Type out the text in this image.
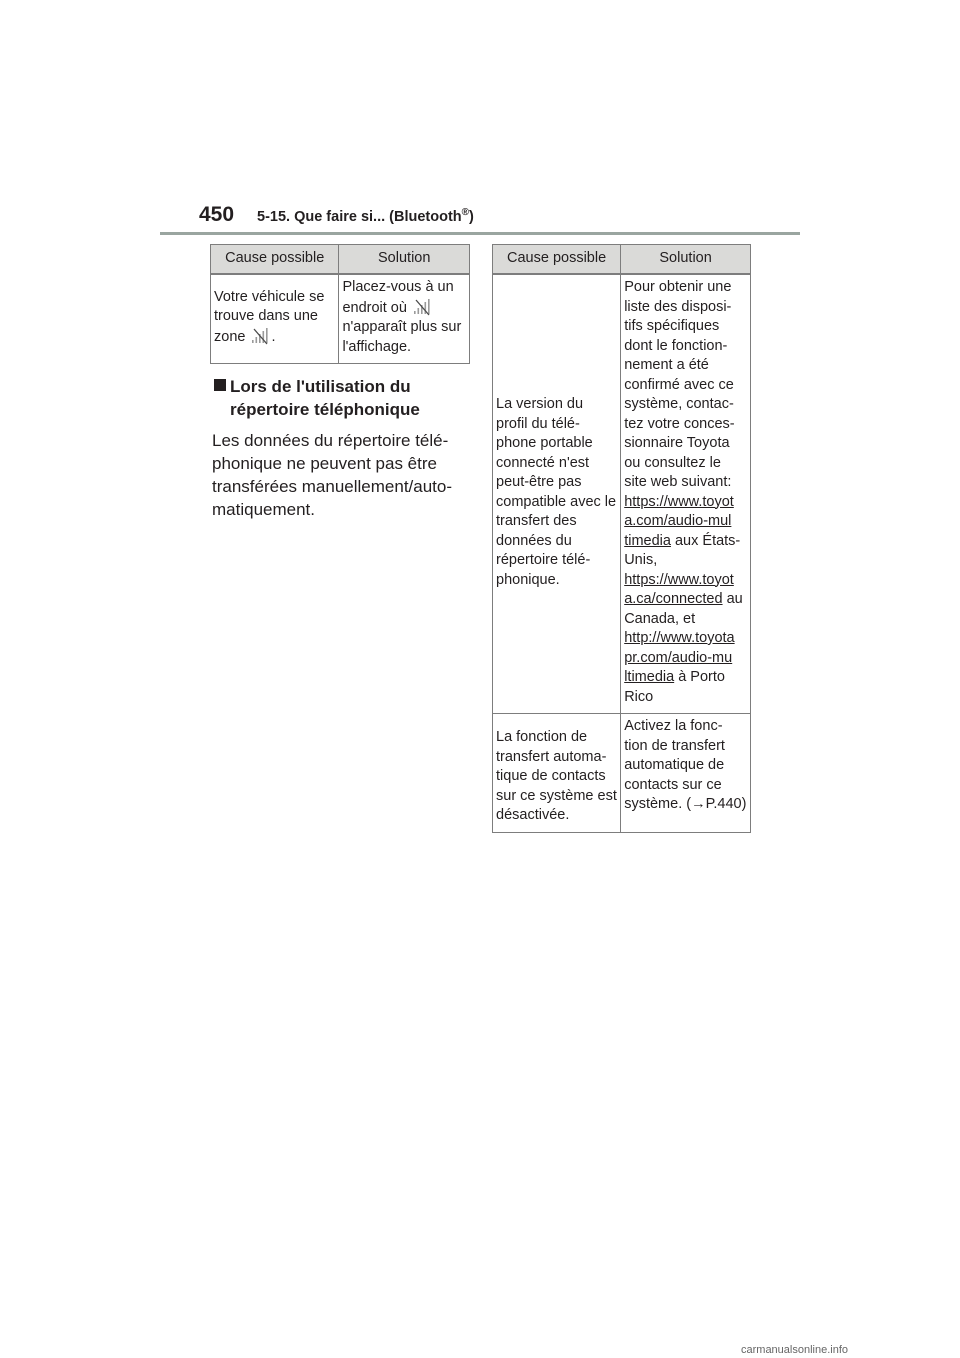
450 5-15. Que faire si... (Bluetooth®)
Cause possible	Solution
Votre véhicule se trouve dans une zone .	Placez-vous à un endroit où  n'apparaît plus sur l'affichage.
Lors de l'utilisation du
répertoire téléphonique
Les données du répertoire télé- phonique ne peuvent pas être transférées manuellement/auto- matiquement.
Cause possible	Solution
La version du profil du télé- phone portable connecté n'est peut-être pas compatible avec le transfert des données du répertoire télé- phonique.	Pour obtenir une liste des disposi- tifs spécifiques dont le fonction- nement a été confirmé avec ce système, contac- tez votre conces- sionnaire Toyota ou consultez le site web suivant: https://www.toyot a.com/audio-mul timedia aux États-Unis, https://www.toyot a.ca/connected au Canada, et http://www.toyota pr.com/audio-mu ltimedia à Porto Rico
La fonction de transfert automa- tique de contacts sur ce système est désactivée.	Activez la fonc- tion de transfert automatique de contacts sur ce système. (→P.440)
carmanualsonline.info
